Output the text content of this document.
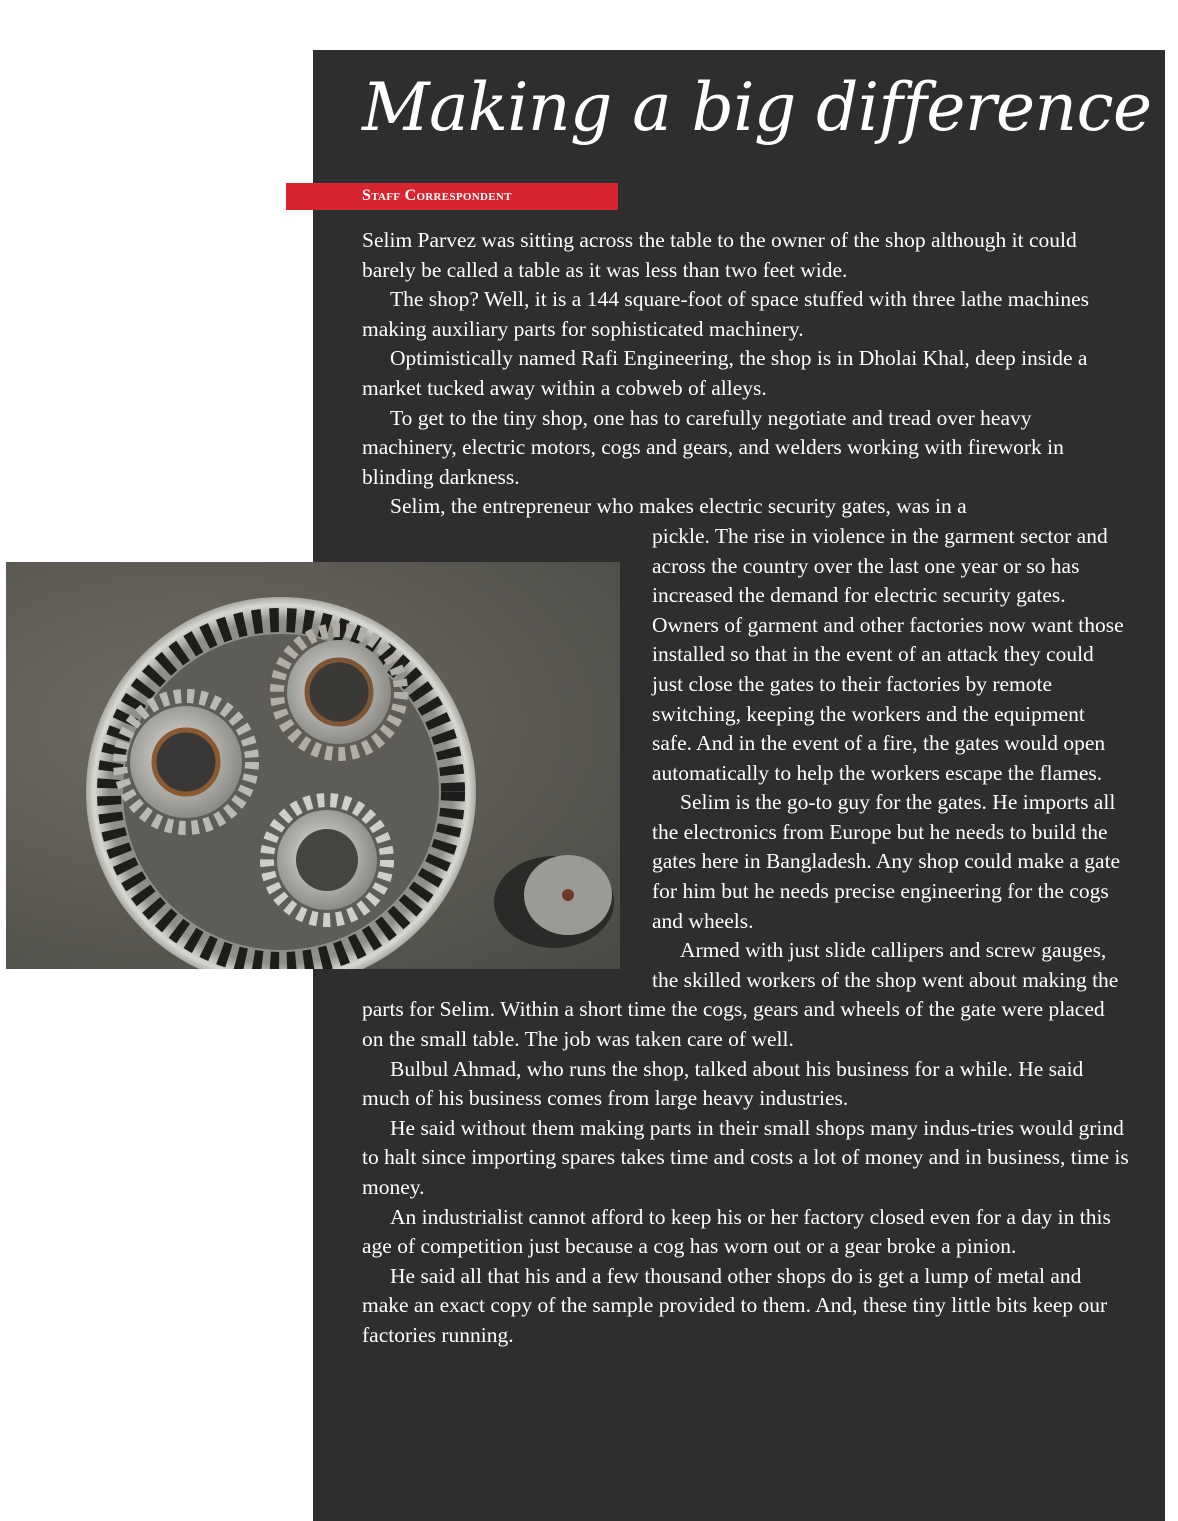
Making a big difference
Staff Correspondent

Selim Parvez was sitting across the table to the owner of the shop although it could barely be called a table as it was less than two feet wide.

The shop? Well, it is a 144 square-foot of space stuffed with three lathe machines making auxiliary parts for sophisticated machinery.

Optimistically named Rafi Engineering, the shop is in Dholai Khal, deep inside a market tucked away within a cobweb of alleys.

To get to the tiny shop, one has to carefully negotiate and tread over heavy machinery, electric motors, cogs and gears, and welders working with firework in blinding darkness.

Selim, the entrepreneur who makes electric security gates, was in a

pickle. The rise in violence in the garment sector and across the country over the last one year or so has increased the demand for electric security gates. Owners of garment and other factories now want those installed so that in the event of an attack they could just close the gates to their factories by remote switching, keeping the workers and the equipment safe. And in the event of a fire, the gates would open automatically to help the workers escape the flames.

Selim is the go-to guy for the gates. He imports all the electronics from Europe but he needs to build the gates here in Bangladesh. Any shop could make a gate for him but he needs precise engineering for the cogs and wheels.

Armed with just slide callipers and screw gauges, the skilled workers of the shop went about making the parts for Selim. Within a short time the cogs, gears and wheels of the gate were placed on the small table. The job was taken care of well.

Bulbul Ahmad, who runs the shop, talked about his business for a while. He said much of his business comes from large heavy industries.

He said without them making parts in their small shops many indus-tries would grind to halt since importing spares takes time and costs a lot of money and in business, time is money.

An industrialist cannot afford to keep his or her factory closed even for a day in this age of competition just because a cog has worn out or a gear broke a pinion.

He said all that his and a few thousand other shops do is get a lump of metal and make an exact copy of the sample provided to them. And, these tiny little bits keep our factories running.
